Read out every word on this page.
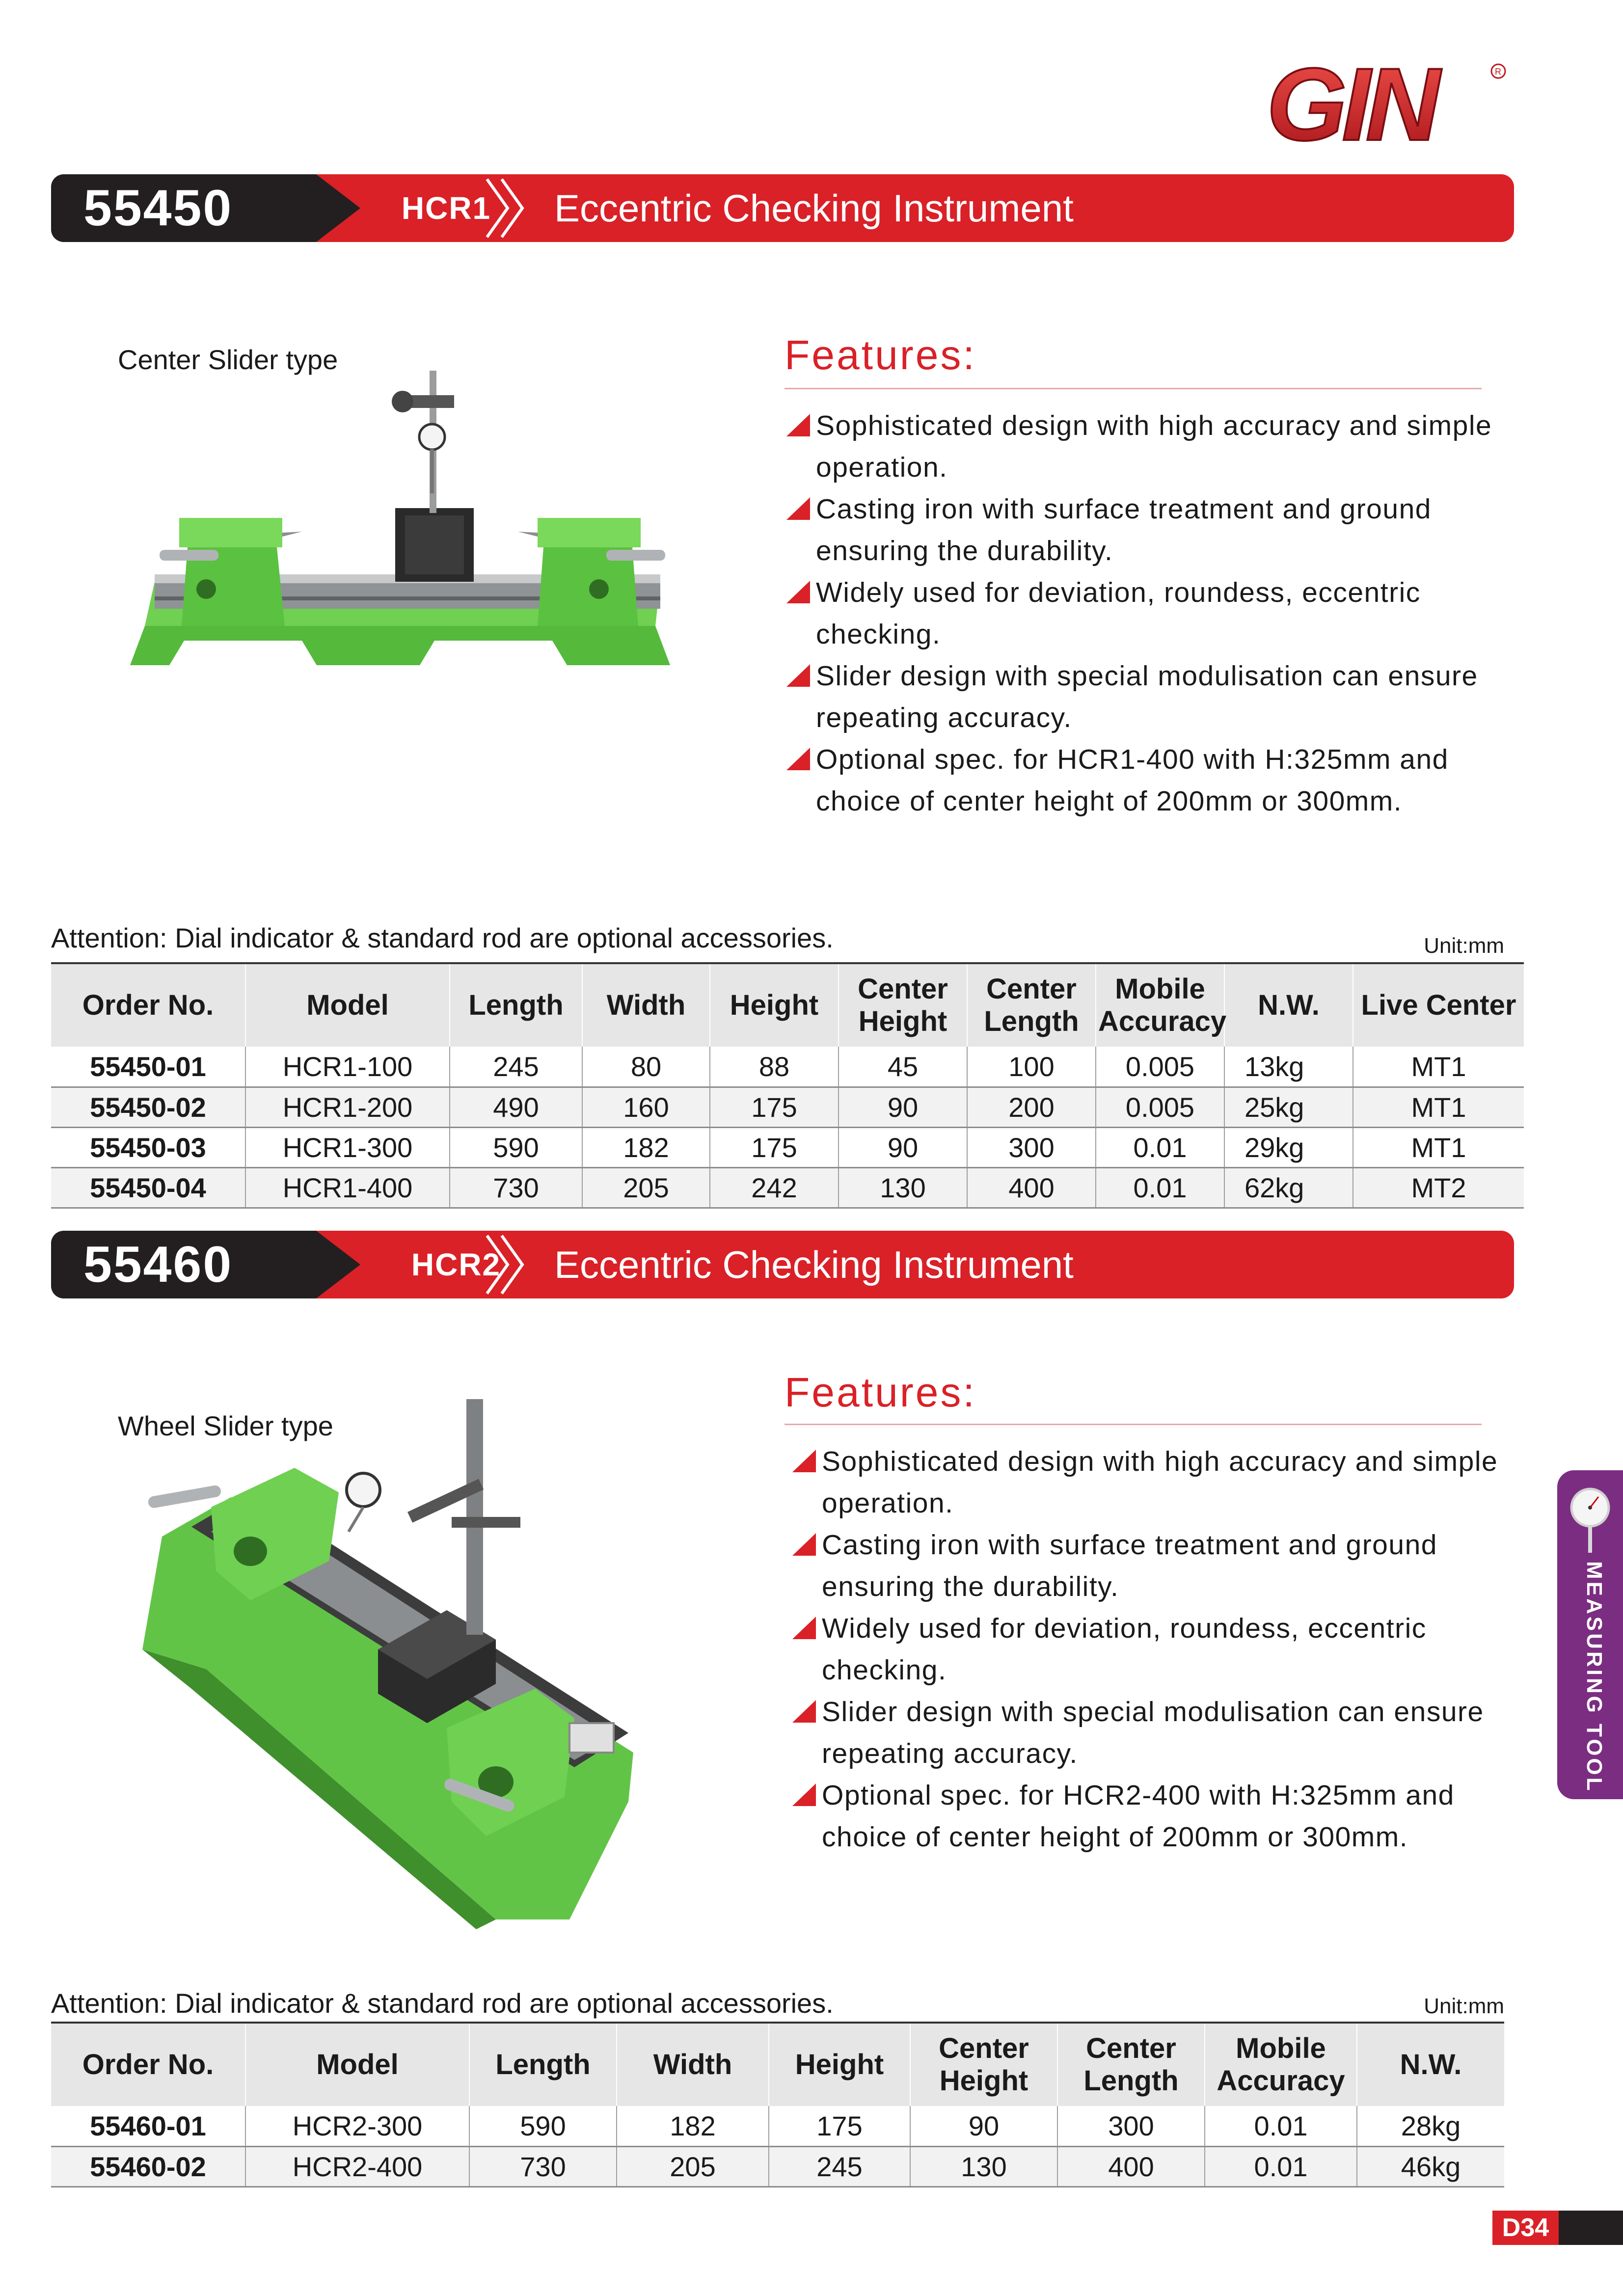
GIN	R
55450	HCR1	Eccentric Checking Instrument
Center Slider type	Features:
Sophisticated design with high accuracy and simple operation.
Casting iron with surface treatment and ground ensuring the durability.
Widely used for deviation, roundess, eccentric checking.
Slider design with special modulisation can ensure repeating accuracy.
Optional spec. for HCR1-400 with H:325mm and choice of center height of 200mm or 300mm.
Attention: Dial indicator & standard rod are optional accessories.	Unit:mm
Order No.	Model	Length	Width	Height	Center Height	Center Length	Mobile Accuracy	N.W.	Live Center
55450-01	HCR1-100	245	80	88	45	100	0.005	13kg	MT1
55450-02	HCR1-200	490	160	175	90	200	0.005	25kg	MT1
55450-03	HCR1-300	590	182	175	90	300	0.01	29kg	MT1
55450-04	HCR1-400	730	205	242	130	400	0.01	62kg	MT2
55460	HCR2	Eccentric Checking Instrument
Wheel Slider type
Features:
Sophisticated design with high accuracy and simple operation.
Casting iron with surface treatment and ground ensuring the durability.
Widely used for deviation, roundess, eccentric checking.
Slider design with special modulisation can ensure repeating accuracy.
Optional spec. for HCR2-400 with H:325mm and choice of center height of 200mm or 300mm.
Attention: Dial indicator & standard rod are optional accessories.	Unit:mm
Order No.	Model	Length	Width	Height	Center Height	Center Length	Mobile Accuracy	N.W.
55460-01	HCR2-300	590	182	175	90	300	0.01	28kg
55460-02	HCR2-400	730	205	245	130	400	0.01	46kg
MEASURING TOOL
D34
